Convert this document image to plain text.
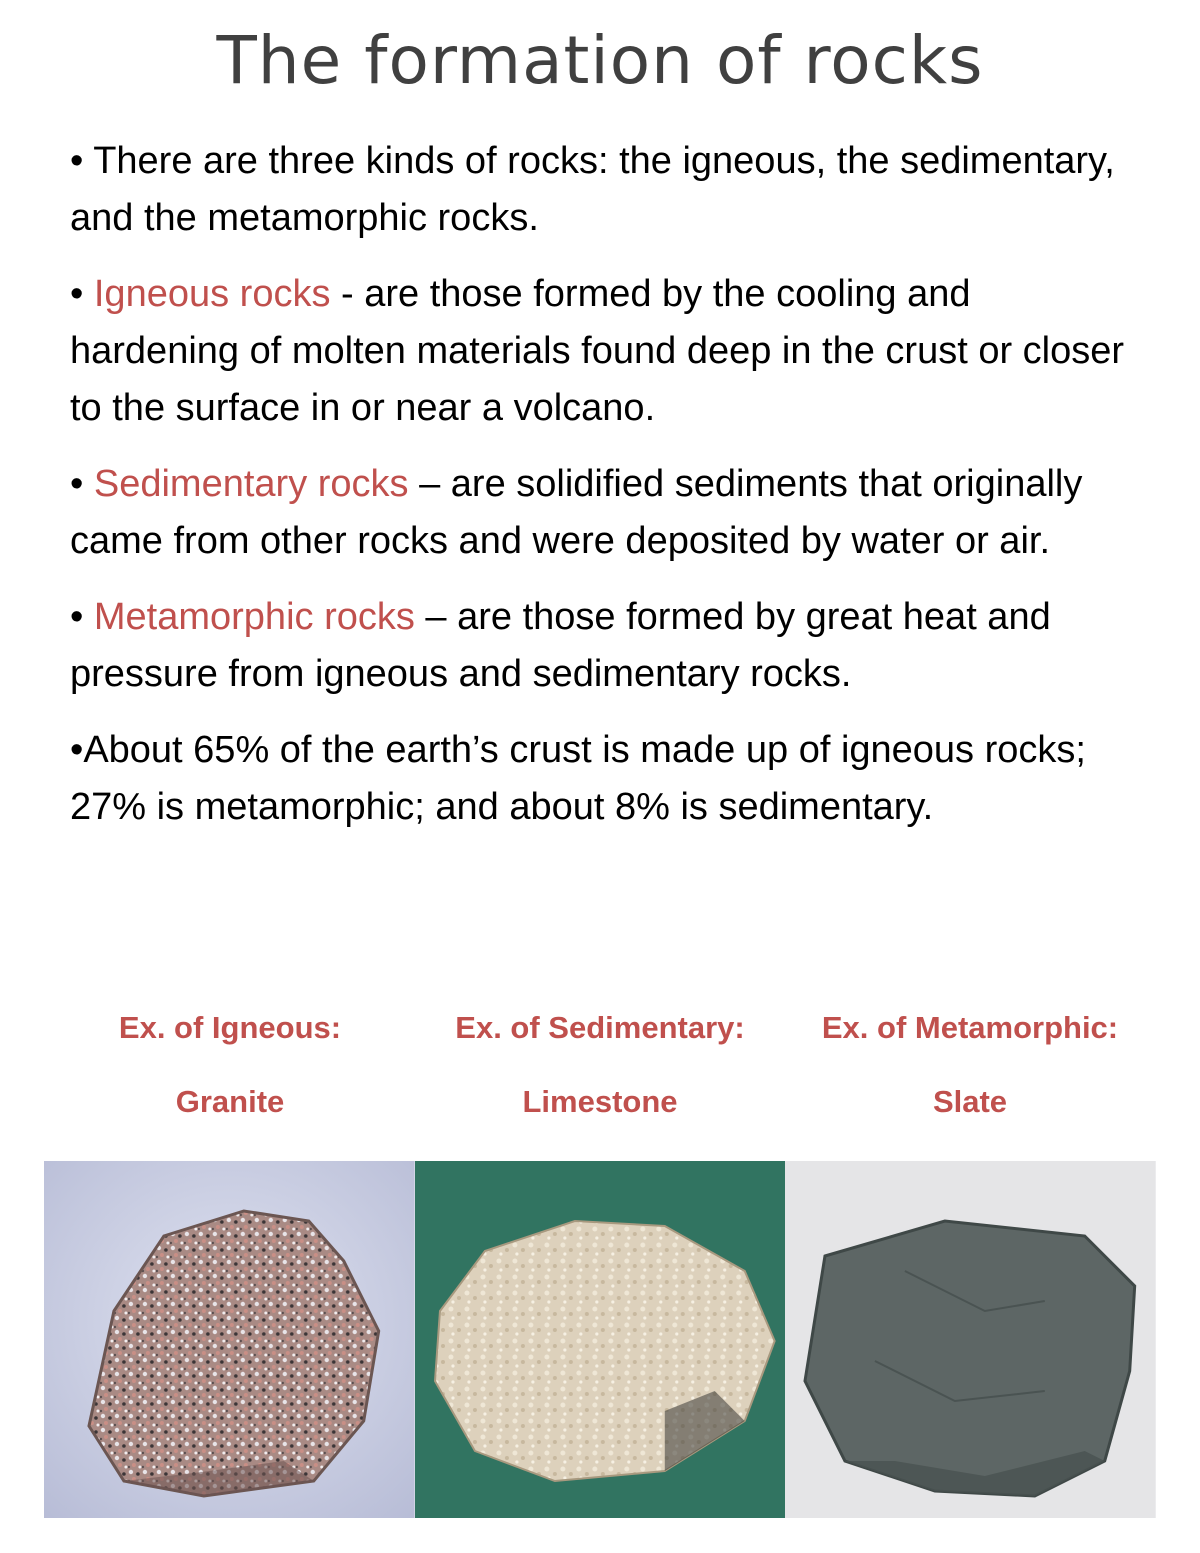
The formation of rocks
• There are three kinds of rocks: the igneous, the sedimentary, and the metamorphic rocks.
• Igneous rocks - are those formed by the cooling and hardening of molten materials found deep in the crust or closer to the surface in or near a volcano.
• Sedimentary rocks – are solidified sediments that originally came from other rocks and were deposited by water or air.
• Metamorphic rocks – are those formed by great heat and pressure from igneous and sedimentary rocks.
•About 65% of the earth’s crust is made up of igneous rocks; 27% is metamorphic; and about 8% is sedimentary.
Ex. of Igneous:
Granite
Ex. of Sedimentary:
Limestone
Ex. of Metamorphic:
Slate
